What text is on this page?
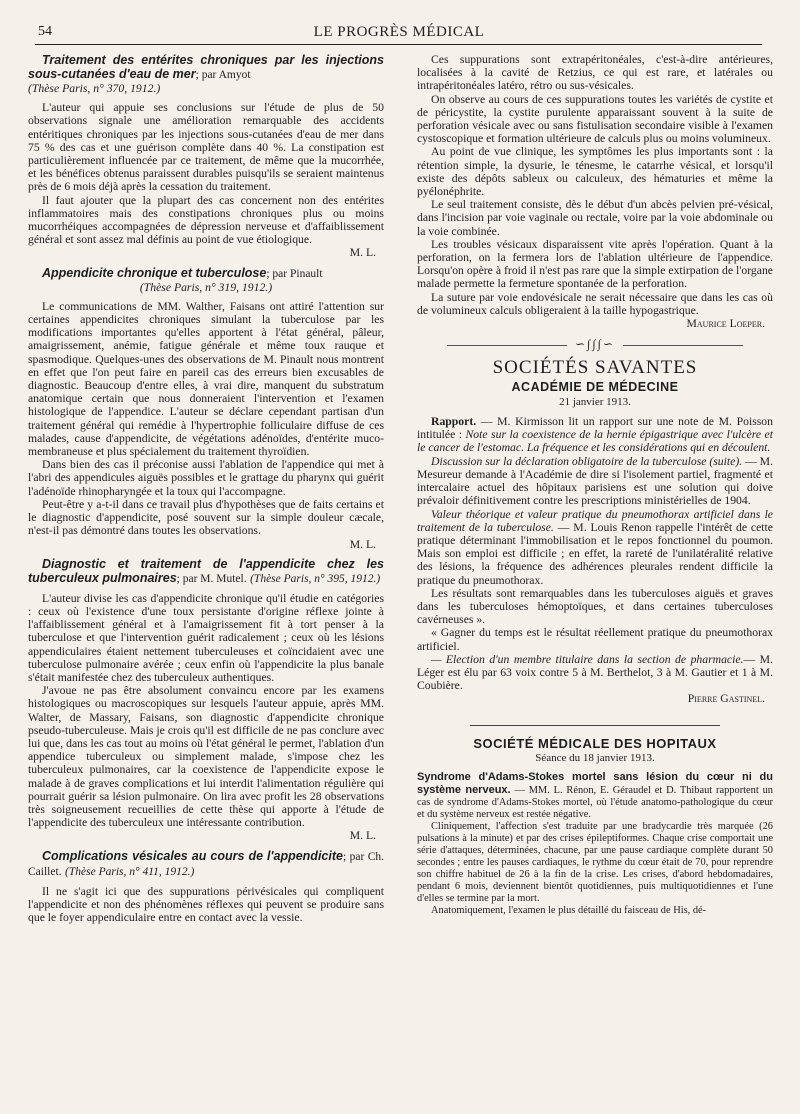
54	LE PROGRÈS MÉDICAL

Traitement des entérites chroniques par les injections sous-cutanées d'eau de mer; par Amyot

(Thèse Paris, n° 370, 1912.)

L'auteur qui appuie ses conclusions sur l'étude de plus de 50 observations signale une amélioration remarquable des accidents entéritiques chroniques par les injections sous-cutanées d'eau de mer dans 75 % des cas et une guérison complète dans 40 %. La constipation est particulièrement influencée par ce traitement, de même que la mucorrhée, et les bénéfices obtenus paraissent durables puisqu'ils se seraient maintenus près de 6 mois déjà après la cessation du traitement.

Il faut ajouter que la plupart des cas concernent non des entérites inflammatoires mais des constipations chroniques plus ou moins mucorrhéiques accompagnées de dépression nerveuse et d'affaiblissement général et sont assez mal définis au point de vue étiologique.

M. L.

Appendicite chronique et tuberculose; par Pinault

(Thèse Paris, n° 319, 1912.)

Le communications de MM. Walther, Faisans ont attiré l'attention sur certaines appendicites chroniques simulant la tuberculose par les modifications importantes qu'elles apportent à l'état général, pâleur, amaigrissement, anémie, fatigue générale et même toux rauque et spasmodique. Quelques-unes des observations de M. Pinault nous montrent en effet que l'on peut faire en pareil cas des erreurs bien excusables de diagnostic. Beaucoup d'entre elles, à vrai dire, manquent du substratum anatomique certain que nous donneraient l'intervention et l'examen histologique de l'appendice. L'auteur se déclare cependant partisan d'un traitement général qui remédie à l'hypertrophie folliculaire diffuse de ces malades, cause d'appendicite, de végétations adénoïdes, d'entérite muco-membraneuse et plus spécialement du traitement thyroïdien.

Dans bien des cas il préconise aussi l'ablation de l'appendice qui met à l'abri des appendicules aiguës possibles et le grattage du pharynx qui guérit l'adénoïde rhinopharyngée et la toux qui l'accompagne.

Peut-être y a-t-il dans ce travail plus d'hypothèses que de faits certains et le diagnostic d'appendicite, posé souvent sur la simple douleur cæcale, n'est-il pas démontré dans toutes les observations.

M. L.

Diagnostic et traitement de l'appendicite chez les tuberculeux pulmonaires; par M. Mutel. (Thèse Paris, n° 395, 1912.)

L'auteur divise les cas d'appendicite chronique qu'il étudie en catégories : ceux où l'existence d'une toux persistante d'origine réflexe jointe à l'affaiblissement général et à l'amaigrissement fit à tort penser à la tuberculose et que l'intervention guérit radicalement ; ceux où les lésions appendiculaires étaient nettement tuberculeuses et coïncidaient avec une tuberculose pulmonaire avérée ; ceux enfin où l'appendicite la plus banale s'était manifestée chez des tuberculeux authentiques.

J'avoue ne pas être absolument convaincu encore par les examens histologiques ou macroscopiques sur lesquels l'auteur appuie, après MM. Walter, de Massary, Faisans, son diagnostic d'appendicite chronique pseudo-tuberculeuse. Mais je crois qu'il est difficile de ne pas conclure avec lui que, dans les cas tout au moins où l'état général le permet, l'ablation d'un appendice tuberculeux ou simplement malade, s'impose chez les tuberculeux pulmonaires, car la coexistence de l'appendicite expose le malade à de graves complications et lui interdit l'alimentation régulière qui pourrait guérir sa lésion pulmonaire. On lira avec profit les 28 observations très soigneusement recueillies de cette thèse qui apporte à l'étude de l'appendicite des tuberculeux une intéressante contribution.

M. L.

Complications vésicales au cours de l'appendicite; par Ch. Caillet. (Thèse Paris, n° 411, 1912.)

Il ne s'agit ici que des suppurations périvésicales qui compliquent l'appendicite et non des phénomènes réflexes qui peuvent se produire sans que le foyer appendiculaire entre en contact avec la vessie.

Ces suppurations sont extrapéritonéales, c'est-à-dire antérieures, localisées à la cavité de Retzius, ce qui est rare, et latérales ou intrapéritonéales latéro, rétro ou sus-vésicales.

On observe au cours de ces suppurations toutes les variétés de cystite et de péricystite, la cystite purulente apparaissant souvent à la suite de perforation vésicale avec ou sans fistulisation secondaire visible à l'examen cystoscopique et formation ultérieure de calculs plus ou moins volumineux.

Au point de vue clinique, les symptômes les plus importants sont : la rétention simple, la dysurie, le ténesme, le catarrhe vésical, et lorsqu'il existe des dépôts sableux ou calculeux, des hématuries et même la pyélonéphrite.

Le seul traitement consiste, dès le début d'un abcès pelvien pré-vésical, dans l'incision par voie vaginale ou rectale, voire par la voie abdominale ou la voie combinée.

Les troubles vésicaux disparaissent vite après l'opération. Quant à la perforation, on la fermera lors de l'ablation ultérieure de l'appendice. Lorsqu'on opère à froid il n'est pas rare que la simple extirpation de l'organe malade permette la fermeture spontanée de la perforation.

La suture par voie endovésicale ne serait nécessaire que dans les cas où de volumineux calculs obligeraient à la taille hypogastrique.

Maurice Loeper.

∽∫∫∫∽
SOCIÉTÉS SAVANTES
ACADÉMIE DE MÉDECINE
21 janvier 1913.

Rapport. — M. Kirmisson lit un rapport sur une note de M. Poisson intitulée : Note sur la coexistence de la hernie épigastrique avec l'ulcère et le cancer de l'estomac. La fréquence et les considérations qui en découlent.

Discussion sur la déclaration obligatoire de la tuberculose (suite). — M. Mesureur demande à l'Académie de dire si l'isolement partiel, fragmenté et intercalaire actuel des hôpitaux parisiens est une solution qui doive prévaloir définitivement contre les prescriptions ministérielles de 1904.

Valeur théorique et valeur pratique du pneumothorax artificiel dans le traitement de la tuberculose. — M. Louis Renon rappelle l'intérêt de cette pratique déterminant l'immobilisation et le repos fonctionnel du poumon. Mais son emploi est difficile ; en effet, la rareté de l'unilatéralité relative des lésions, la fréquence des adhérences pleurales rendent difficile la pratique du pneumothorax.

Les résultats sont remarquables dans les tuberculoses aiguës et graves dans les tuberculoses hémoptoïques, et dans certaines tuberculoses cavérneuses ».

« Gagner du temps est le résultat réellement pratique du pneumothorax artificiel.

— Election d'un membre titulaire dans la section de pharmacie.— M. Léger est élu par 63 voix contre 5 à M. Berthelot, 3 à M. Gautier et 1 à M. Coubière.

Pierre Gastinel.

SOCIÉTÉ MÉDICALE DES HOPITAUX
Séance du 18 janvier 1913.

Syndrome d'Adams-Stokes mortel sans lésion du cœur ni du système nerveux. — MM. L. Rénon, E. Géraudel et D. Thibaut rapportent un cas de syndrome d'Adams-Stokes mortel, où l'étude anatomo-pathologique du cœur et du système nerveux est restée négative.

Cliniquement, l'affection s'est traduite par une bradycardie très marquée (26 pulsations à la minute) et par des crises épileptiformes. Chaque crise comportait une série d'attaques, déterminées, chacune, par une pause cardiaque complète durant 50 secondes ; entre les pauses cardiaques, le rythme du cœur était de 70, pour reprendre son chiffre habituel de 26 à la fin de la crise. Les crises, d'abord hebdomadaires, pendant 6 mois, deviennent bientôt quotidiennes, puis multiquotidiennes et l'une d'elles se termine par la mort.

Anatomiquement, l'examen le plus détaillé du faisceau de His, dé-
